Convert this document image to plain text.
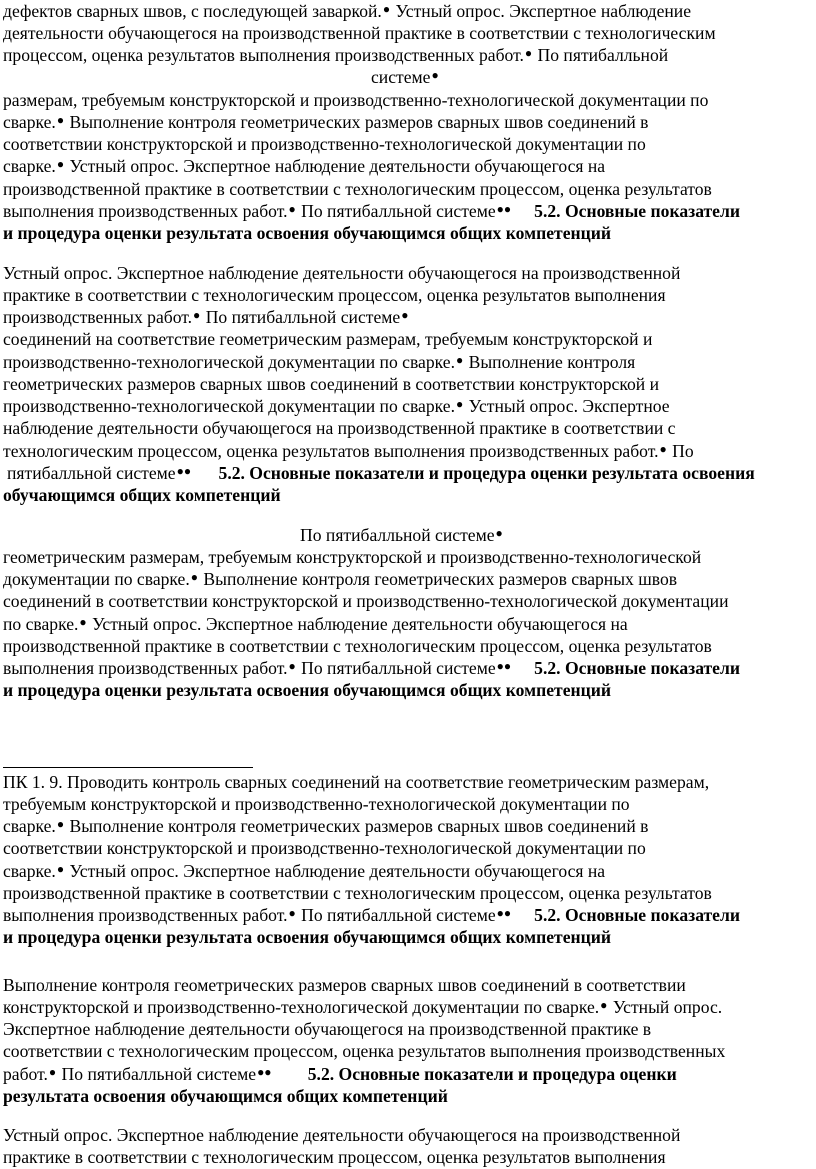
дефектов сварных швов, с последующей заваркой.● Устный опрос. Экспертное наблюдение
деятельности обучающегося на производственной практике в соответствии с технологическим
процессом, оценка результатов выполнения производственных работ.● По пятибалльной
системе●
размерам, требуемым конструкторской и производственно-технологической документации по
сварке.● Выполнение контроля геометрических размеров сварных швов соединений в
соответствии конструкторской и производственно-технологической документации по
сварке.● Устный опрос. Экспертное наблюдение деятельности обучающегося на
производственной практике в соответствии с технологическим процессом, оценка результатов
выполнения производственных работ.● По пятибалльной системе●● 5.2. Основные показатели
и процедура оценки результата освоения обучающимся общих компетенций
Устный опрос. Экспертное наблюдение деятельности обучающегося на производственной
практике в соответствии с технологическим процессом, оценка результатов выполнения
производственных работ.● По пятибалльной системе●
соединений на соответствие геометрическим размерам, требуемым конструкторской и
производственно-технологической документации по сварке.● Выполнение контроля
геометрических размеров сварных швов соединений в соответствии конструкторской и
производственно-технологической документации по сварке.● Устный опрос. Экспертное
наблюдение деятельности обучающегося на производственной практике в соответствии с
технологическим процессом, оценка результатов выполнения производственных работ.● По
пятибалльной системе●● 5.2. Основные показатели и процедура оценки результата освоения
обучающимся общих компетенций
По пятибалльной системе●
геометрическим размерам, требуемым конструкторской и производственно-технологической
документации по сварке.● Выполнение контроля геометрических размеров сварных швов
соединений в соответствии конструкторской и производственно-технологической документации
по сварке.● Устный опрос. Экспертное наблюдение деятельности обучающегося на
производственной практике в соответствии с технологическим процессом, оценка результатов
выполнения производственных работ.● По пятибалльной системе●● 5.2. Основные показатели
и процедура оценки результата освоения обучающимся общих компетенций
ПК 1. 9. Проводить контроль сварных соединений на соответствие геометрическим размерам,
требуемым конструкторской и производственно-технологической документации по
сварке.● Выполнение контроля геометрических размеров сварных швов соединений в
соответствии конструкторской и производственно-технологической документации по
сварке.● Устный опрос. Экспертное наблюдение деятельности обучающегося на
производственной практике в соответствии с технологическим процессом, оценка результатов
выполнения производственных работ.● По пятибалльной системе●● 5.2. Основные показатели
и процедура оценки результата освоения обучающимся общих компетенций
Выполнение контроля геометрических размеров сварных швов соединений в соответствии
конструкторской и производственно-технологической документации по сварке.● Устный опрос.
Экспертное наблюдение деятельности обучающегося на производственной практике в
соответствии с технологическим процессом, оценка результатов выполнения производственных
работ.● По пятибалльной системе●● 5.2. Основные показатели и процедура оценки
результата освоения обучающимся общих компетенций
Устный опрос. Экспертное наблюдение деятельности обучающегося на производственной
практике в соответствии с технологическим процессом, оценка результатов выполнения
